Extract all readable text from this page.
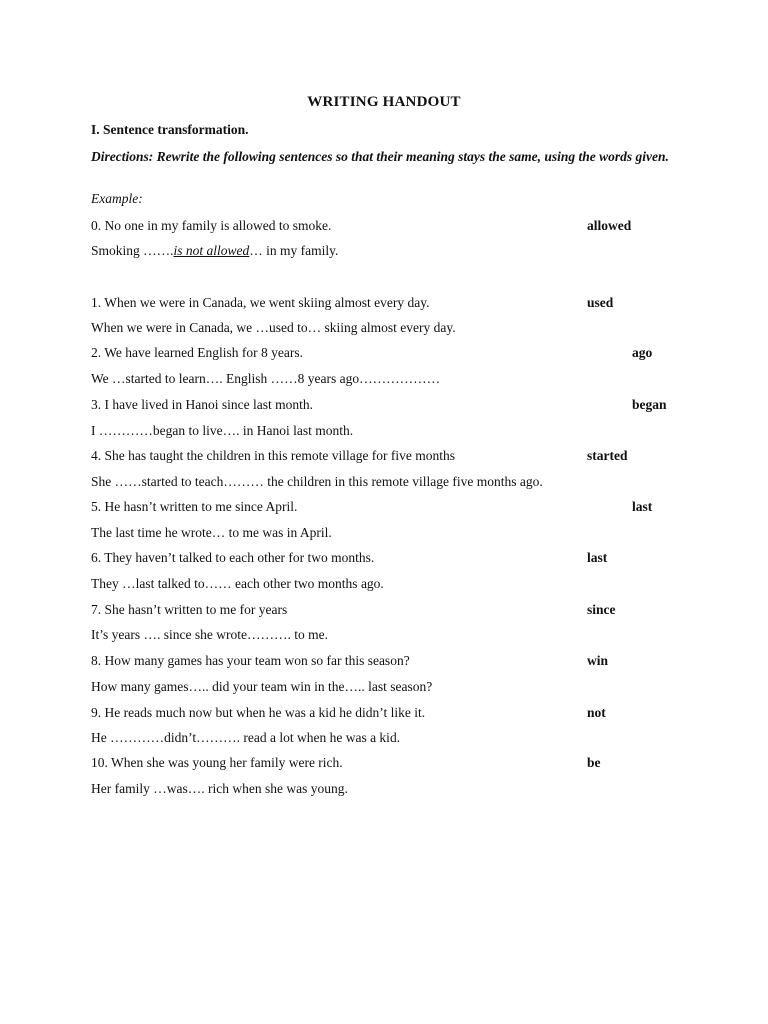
WRITING HANDOUT
I. Sentence transformation.
Directions: Rewrite the following sentences so that their meaning stays the same, using the words given.
Example:
0. No one in my family is allowed to smoke.	allowed
Smoking …….is not allowed… in my family.
1. When we were in Canada, we went skiing almost every day.	used
When we were in Canada, we …used to… skiing almost every day.
2. We have learned English for 8 years.	ago
We …started to learn…. English ……8 years ago………………
3. I have lived in Hanoi since last month.	began
I …………began to live…. in Hanoi last month.
4. She has taught the children in this remote village for five months	started
She ……started to teach……… the children in this remote village five months ago.
5. He hasn’t written to me since April.	last
The last time he wrote… to me was in April.
6. They haven’t talked to each other for two months.	last
They …last talked to…… each other two months ago.
7. She hasn’t written to me for years	since
It’s years …. since she wrote………. to me.
8. How many games has your team won so far this season?	win
How many games….. did your team win in the….. last season?
9. He reads much now but when he was a kid he didn’t like it.	not
He …………didn’t………. read a lot when he was a kid.
10. When she was young her family were rich.	be
Her family …was…. rich when she was young.
